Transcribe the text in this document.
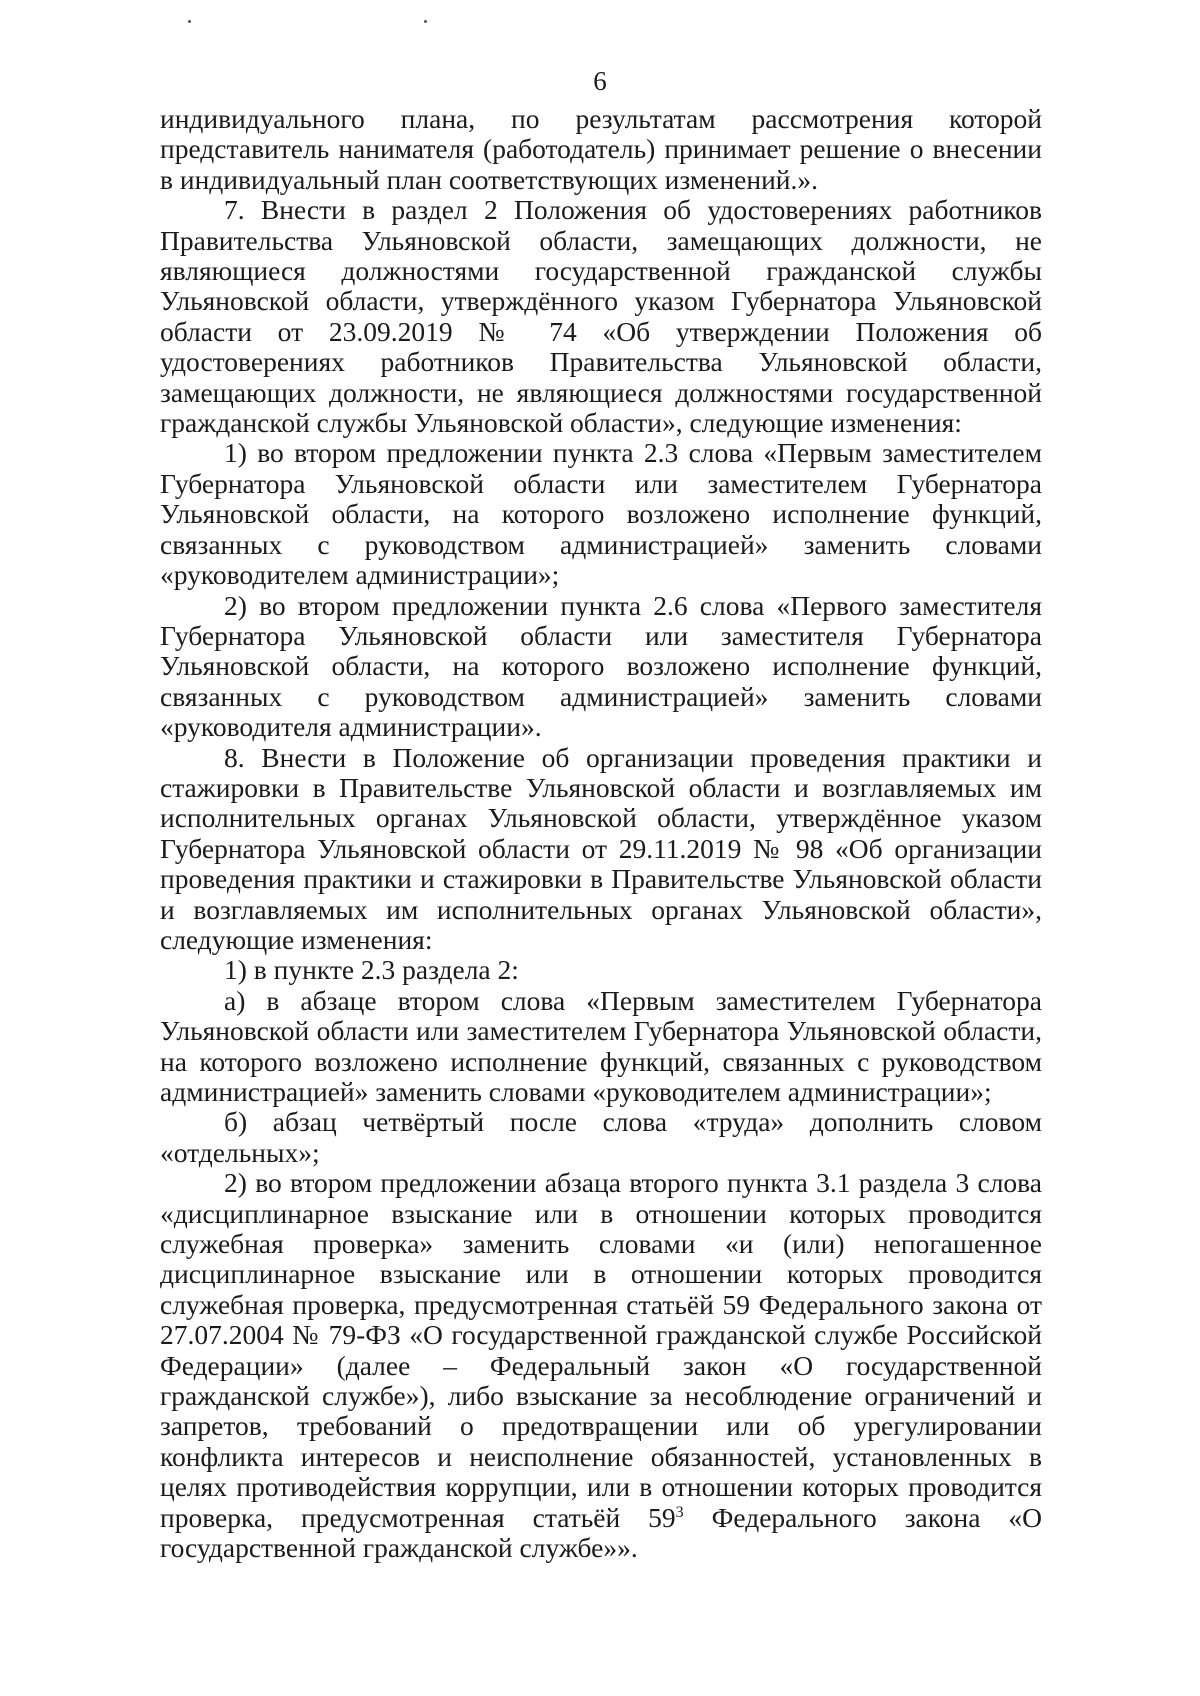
6

индивидуального плана, по результатам рассмотрения которой представитель нанимателя (работодатель) принимает решение о внесении в индивидуальный план соответствующих изменений.».

7. Внести в раздел 2 Положения об удостоверениях работников Правительства Ульяновской области, замещающих должности, не являющиеся должностями государственной гражданской службы Ульяновской области, утверждённого указом Губернатора Ульяновской области от 23.09.2019 № 74 «Об утверждении Положения об удостоверениях работников Правительства Ульяновской области, замещающих должности, не являющиеся должностями государственной гражданской службы Ульяновской области», следующие изменения:

1) во втором предложении пункта 2.3 слова «Первым заместителем Губернатора Ульяновской области или заместителем Губернатора Ульяновской области, на которого возложено исполнение функций, связанных с руководством администрацией» заменить словами «руководителем администрации»;

2) во втором предложении пункта 2.6 слова «Первого заместителя Губернатора Ульяновской области или заместителя Губернатора Ульяновской области, на которого возложено исполнение функций, связанных с руководством администрацией» заменить словами «руководителя администрации».

8. Внести в Положение об организации проведения практики и стажировки в Правительстве Ульяновской области и возглавляемых им исполнительных органах Ульяновской области, утверждённое указом Губернатора Ульяновской области от 29.11.2019 № 98 «Об организации проведения практики и стажировки в Правительстве Ульяновской области и возглавляемых им исполнительных органах Ульяновской области», следующие изменения:

1) в пункте 2.3 раздела 2:

а) в абзаце втором слова «Первым заместителем Губернатора Ульяновской области или заместителем Губернатора Ульяновской области, на которого возложено исполнение функций, связанных с руководством администрацией» заменить словами «руководителем администрации»;

б) абзац четвёртый после слова «труда» дополнить словом «отдельных»;

2) во втором предложении абзаца второго пункта 3.1 раздела 3 слова «дисциплинарное взыскание или в отношении которых проводится служебная проверка» заменить словами «и (или) непогашенное дисциплинарное взыскание или в отношении которых проводится служебная проверка, предусмотренная статьёй 59 Федерального закона от 27.07.2004 № 79-ФЗ «О государственной гражданской службе Российской Федерации» (далее – Федеральный закон «О государственной гражданской службе»), либо взыскание за несоблюдение ограничений и запретов, требований о предотвращении или об урегулировании конфликта интересов и неисполнение обязанностей, установленных в целях противодействия коррупции, или в отношении которых проводится проверка, предусмотренная статьёй $59^3$ Федерального закона «О государственной гражданской службе»».
